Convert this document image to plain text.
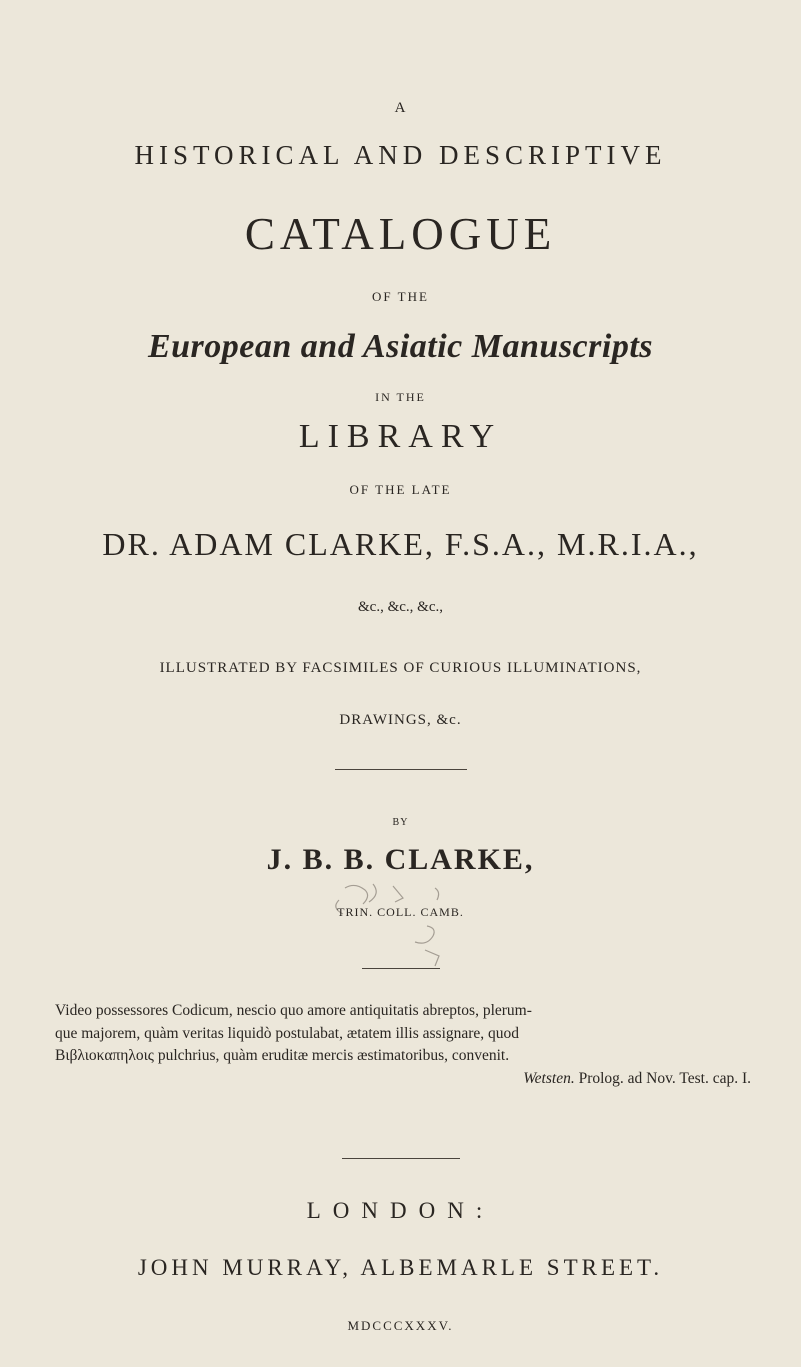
A
HISTORICAL AND DESCRIPTIVE
CATALOGUE
OF THE
European and Asiatic Manuscripts
IN THE
LIBRARY
OF THE LATE
DR. ADAM CLARKE, F.S.A., M.R.I.A.,
&c., &c., &c.,
ILLUSTRATED BY FACSIMILES OF CURIOUS ILLUMINATIONS,
DRAWINGS, &c.
BY
J. B. B. CLARKE,
TRIN. COLL. CAMB.
Video possessores Codicum, nescio quo amore antiquitatis abreptos, plerum-
que majorem, quàm veritas liquidò postulabat, ætatem illis assignare, quod
Βιβλιοκαπηλοις pulchrius, quàm eruditæ mercis æstimatoribus, convenit.
Wetsten. Prolog. ad Nov. Test. cap. I.
LONDON:
JOHN MURRAY, ALBEMARLE STREET.
MDCCCXXXV.
